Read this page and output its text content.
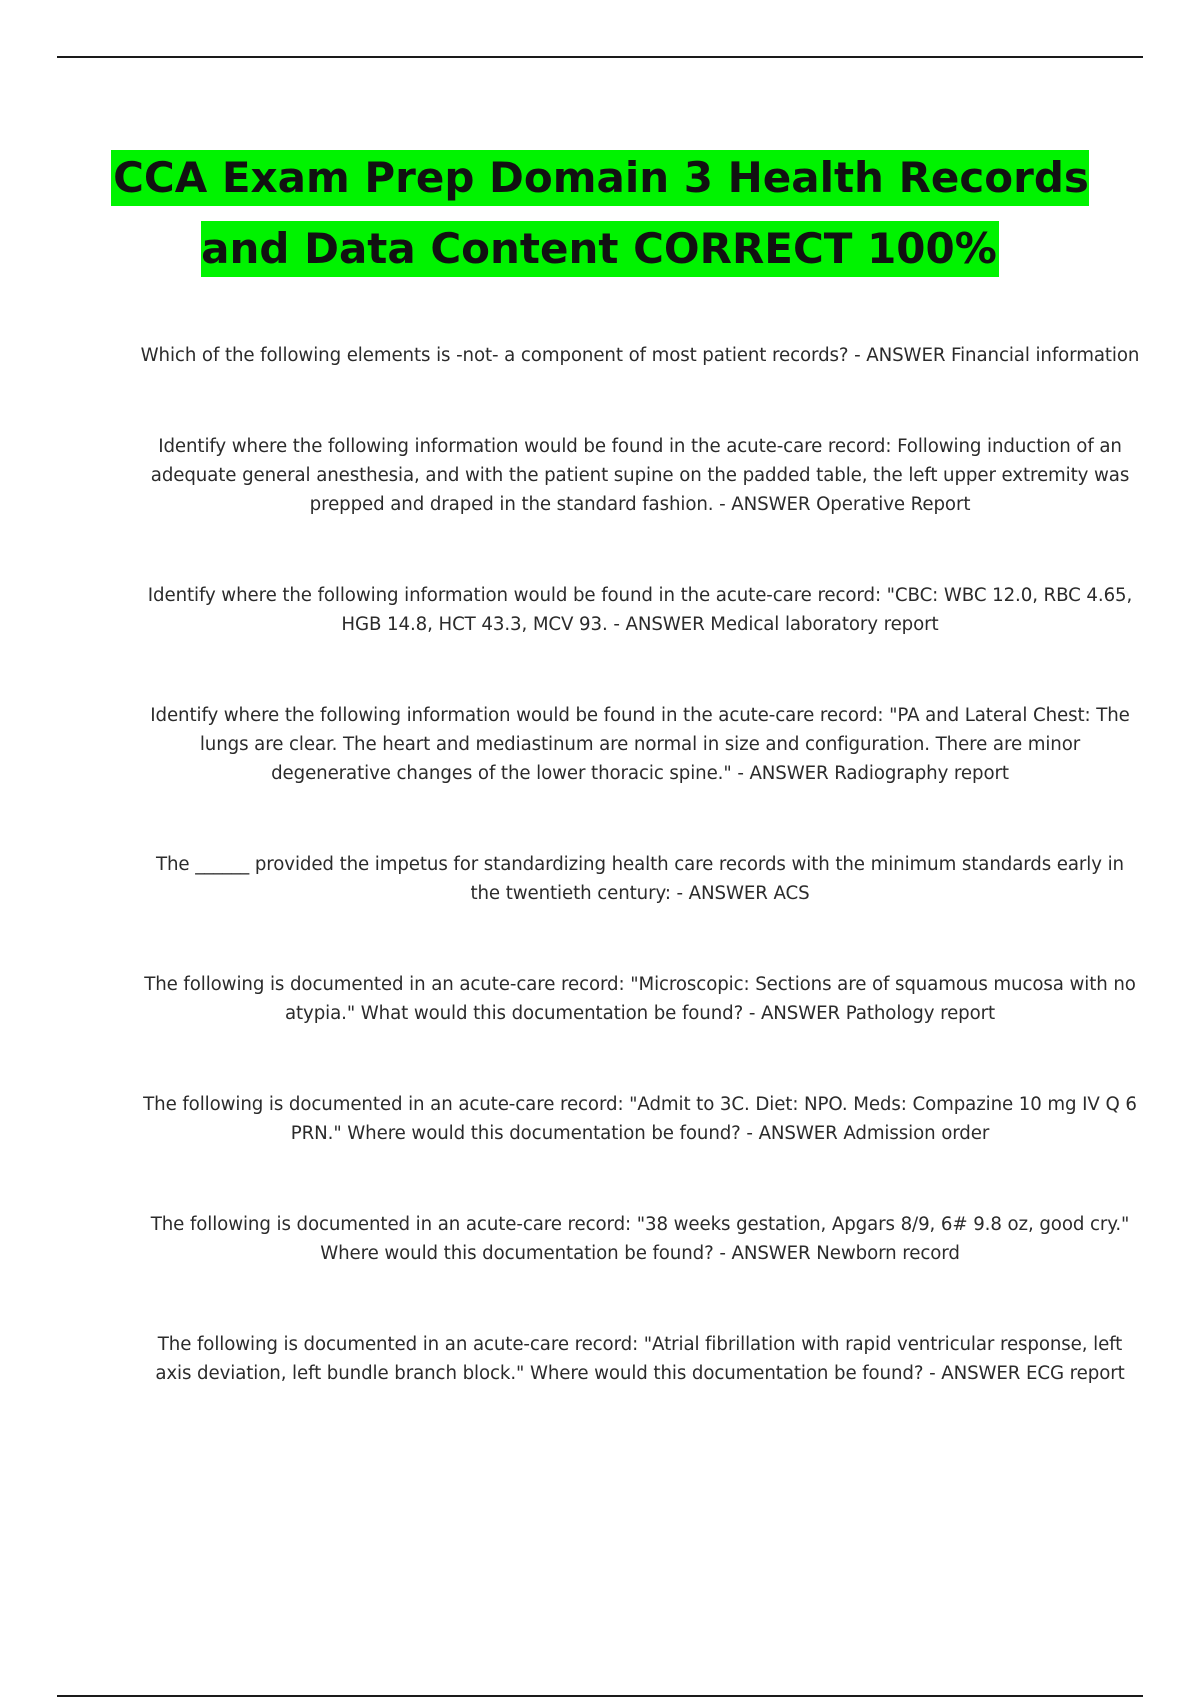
CCA Exam Prep Domain 3 Health Records and Data Content CORRECT 100%
Which of the following elements is -not- a component of most patient records? - ANSWER Financial information
Identify where the following information would be found in the acute-care record: Following induction of an adequate general anesthesia, and with the patient supine on the padded table, the left upper extremity was prepped and draped in the standard fashion. - ANSWER Operative Report
Identify where the following information would be found in the acute-care record: "CBC: WBC 12.0, RBC 4.65, HGB 14.8, HCT 43.3, MCV 93. - ANSWER Medical laboratory report
Identify where the following information would be found in the acute-care record: "PA and Lateral Chest: The lungs are clear. The heart and mediastinum are normal in size and configuration. There are minor degenerative changes of the lower thoracic spine." - ANSWER Radiography report
The ______ provided the impetus for standardizing health care records with the minimum standards early in the twentieth century: - ANSWER ACS
The following is documented in an acute-care record: "Microscopic: Sections are of squamous mucosa with no atypia." What would this documentation be found? - ANSWER Pathology report
The following is documented in an acute-care record: "Admit to 3C. Diet: NPO. Meds: Compazine 10 mg IV Q 6 PRN." Where would this documentation be found? - ANSWER Admission order
The following is documented in an acute-care record: "38 weeks gestation, Apgars 8/9, 6# 9.8 oz, good cry." Where would this documentation be found? - ANSWER Newborn record
The following is documented in an acute-care record: "Atrial fibrillation with rapid ventricular response, left axis deviation, left bundle branch block." Where would this documentation be found? - ANSWER ECG report
